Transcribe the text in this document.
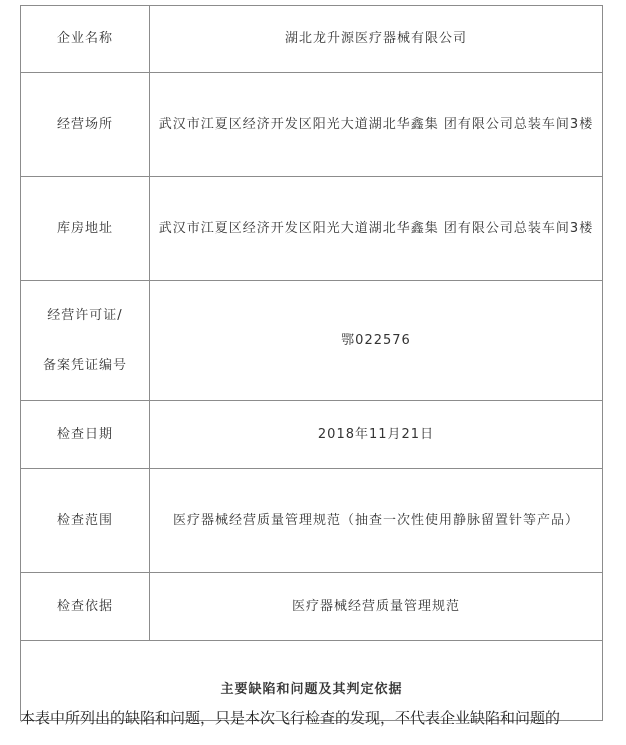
企业名称	湖北龙升源医疗器械有限公司

经营场所	武汉市江夏区经济开发区阳光大道湖北华鑫集 团有限公司总装车间3楼

库房地址	武汉市江夏区经济开发区阳光大道湖北华鑫集 团有限公司总装车间3楼

经营许可证/
备案凭证编号	鄂022576

检查日期	2018年11月21日

检查范围	医疗器械经营质量管理规范（抽查一次性使用静脉留置针等产品）

检查依据	医疗器械经营质量管理规范

主要缺陷和问题及其判定依据	
本表中所列出的缺陷和问题，只是本次飞行检查的发现，不代表企业缺陷和问题的
